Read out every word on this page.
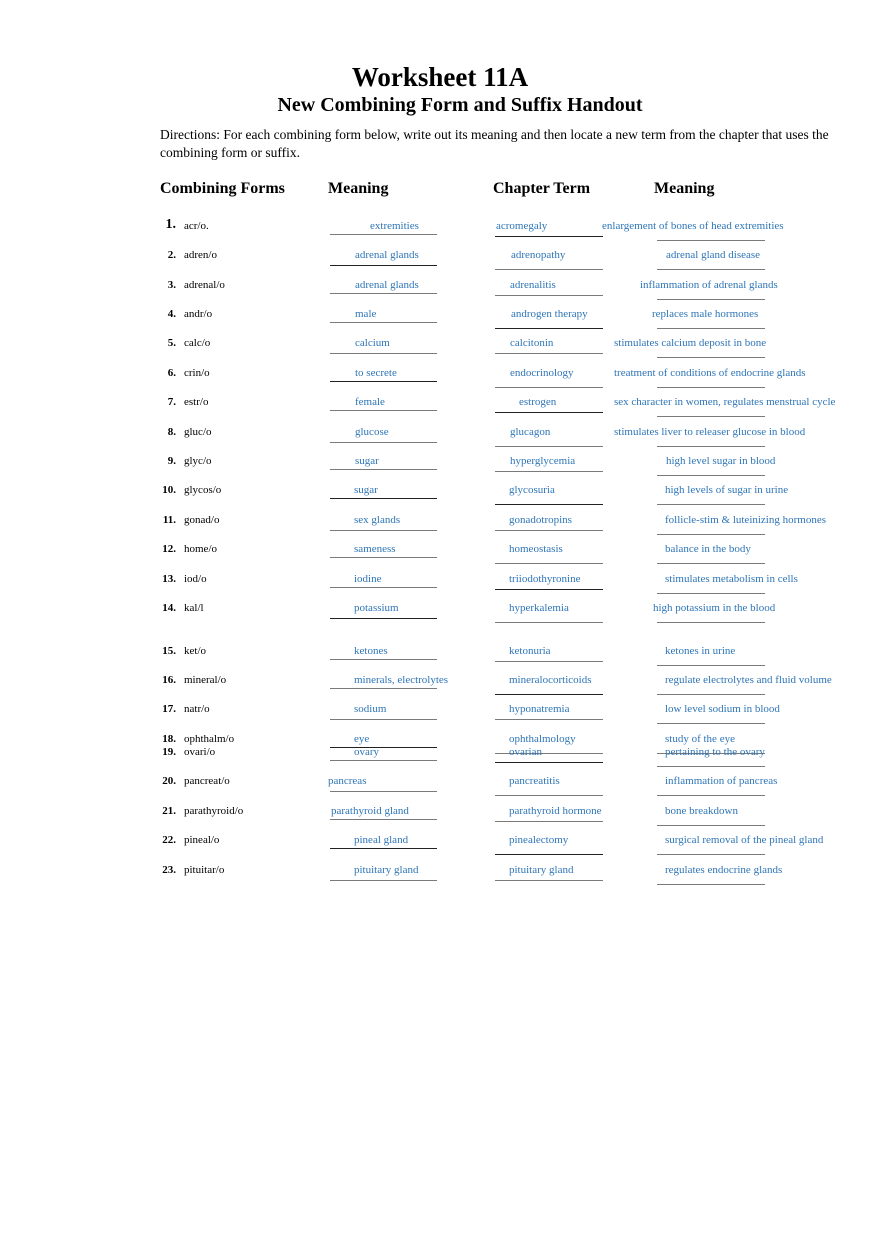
Worksheet 11A
New Combining Form and Suffix Handout
Directions: For each combining form below, write out its meaning and then locate a new term from the chapter that uses the combining form or suffix.
Combining Forms	Meaning	Chapter Term	Meaning
1. acr/o.	extremities	acromegaly	enlargement of bones of head extremities
2. adren/o	adrenal glands	adrenopathy	adrenal gland disease
3. adrenal/o	adrenal glands	adrenalitis	inflammation of adrenal glands
4. andr/o	male	androgen therapy	replaces male hormones
5. calc/o	calcium	calcitonin	stimulates calcium deposit in bone
6. crin/o	to secrete	endocrinology	treatment of conditions of endocrine glands
7. estr/o	female	estrogen	sex character in women, regulates menstrual cycle
8. gluc/o	glucose	glucagon	stimulates liver to releaser glucose in blood
9. glyc/o	sugar	hyperglycemia	high level sugar in blood
10. glycos/o	sugar	glycosuria	high levels of sugar in urine
11. gonad/o	sex glands	gonadotropins	follicle-stim & luteinizing hormones
12. home/o	sameness	homeostasis	balance in the body
13. iod/o	iodine	triiodothyronine	stimulates metabolism in cells
14. kal/l	potassium	hyperkalemia	high potassium in the blood
15. ket/o	ketones	ketonuria	ketones in urine
16. mineral/o	minerals, electrolytes	mineralocorticoids	regulate electrolytes and fluid volume
17. natr/o	sodium	hyponatremia	low level sodium in blood
18. ophthalm/o	eye	ophthalmology	study of the eye
19. ovari/o	ovary	ovarian	pertaining to the ovary
20. pancreat/o	pancreas	pancreatitis	inflammation of pancreas
21. parathyroid/o	parathyroid gland	parathyroid hormone	bone breakdown
22. pineal/o	pineal gland	pinealectomy	surgical removal of the pineal gland
23. pituitar/o	pituitary gland	pituitary gland	regulates endocrine glands
